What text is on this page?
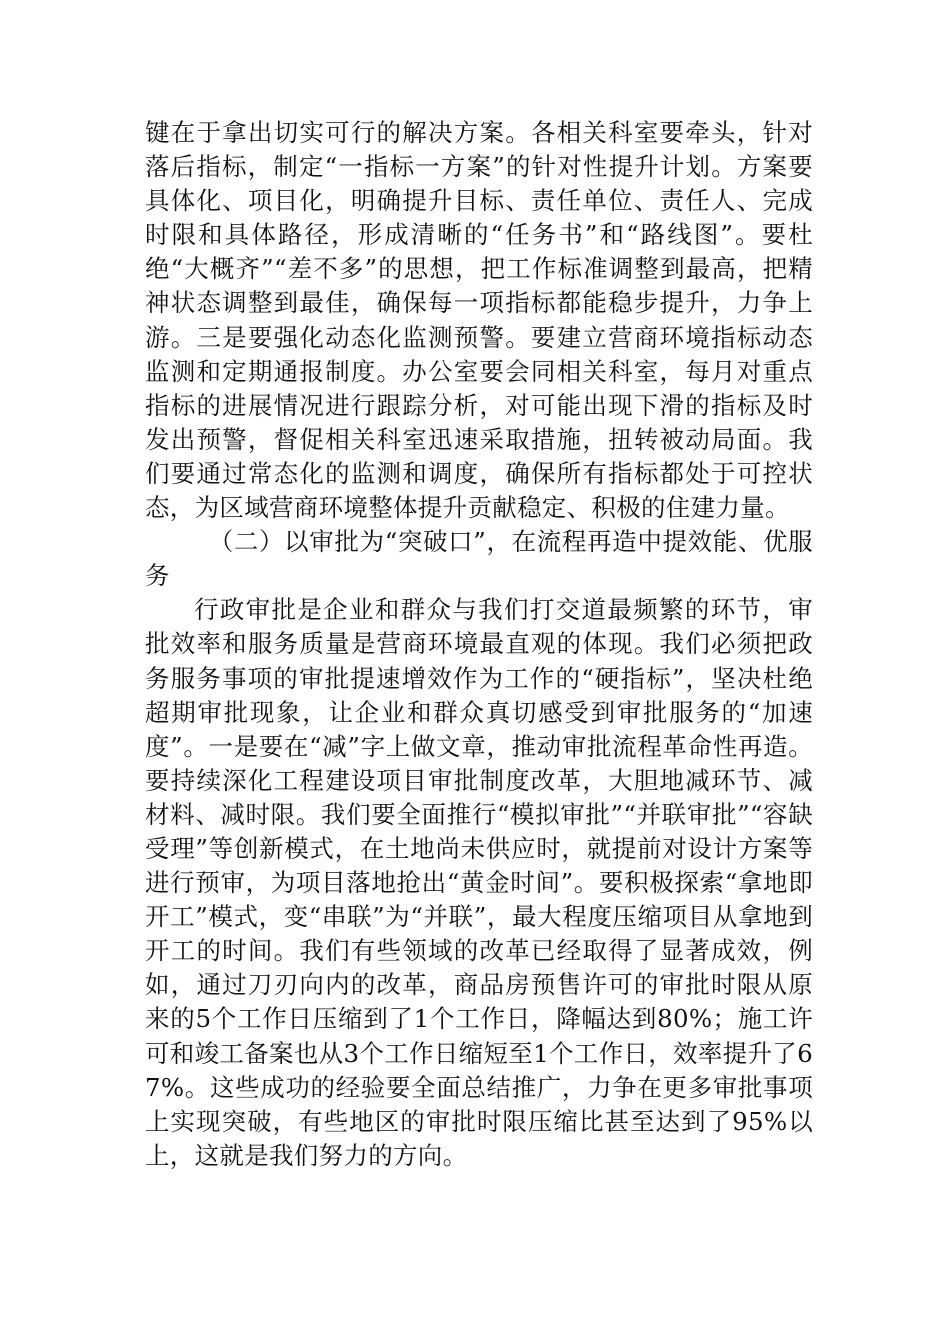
键在于拿出切实可行的解决方案。各相关科室要牵头，针对落后指标，制定“一指标一方案”的针对性提升计划。方案要具体化、项目化，明确提升目标、责任单位、责任人、完成时限和具体路径，形成清晰的“任务书”和“路线图”。要杜绝“大概齐”“差不多”的思想，把工作标准调整到最高，把精神状态调整到最佳，确保每一项指标都能稳步提升，力争上游。三是要强化动态化监测预警。要建立营商环境指标动态监测和定期通报制度。办公室要会同相关科室，每月对重点指标的进展情况进行跟踪分析，对可能出现下滑的指标及时发出预警，督促相关科室迅速采取措施，扭转被动局面。我们要通过常态化的监测和调度，确保所有指标都处于可控状态，为区域营商环境整体提升贡献稳定、积极的住建力量。

（二）以审批为“突破口”，在流程再造中提效能、优服务

行政审批是企业和群众与我们打交道最频繁的环节，审批效率和服务质量是营商环境最直观的体现。我们必须把政务服务事项的审批提速增效作为工作的“硬指标”，坚决杜绝超期审批现象，让企业和群众真切感受到审批服务的“加速度”。一是要在“减”字上做文章，推动审批流程革命性再造。要持续深化工程建设项目审批制度改革，大胆地减环节、减材料、减时限。我们要全面推行“模拟审批”“并联审批”“容缺受理”等创新模式，在土地尚未供应时，就提前对设计方案等进行预审，为项目落地抢出“黄金时间”。要积极探索“拿地即开工”模式，变“串联”为“并联”，最大程度压缩项目从拿地到开工的时间。我们有些领域的改革已经取得了显著成效，例如，通过刀刃向内的改革，商品房预售许可的审批时限从原来的5个工作日压缩到了1个工作日，降幅达到80%；施工许可和竣工备案也从3个工作日缩短至1个工作日，效率提升了67%。这些成功的经验要全面总结推广，力争在更多审批事项上实现突破，有些地区的审批时限压缩比甚至达到了95%以上，这就是我们努力的方向。
